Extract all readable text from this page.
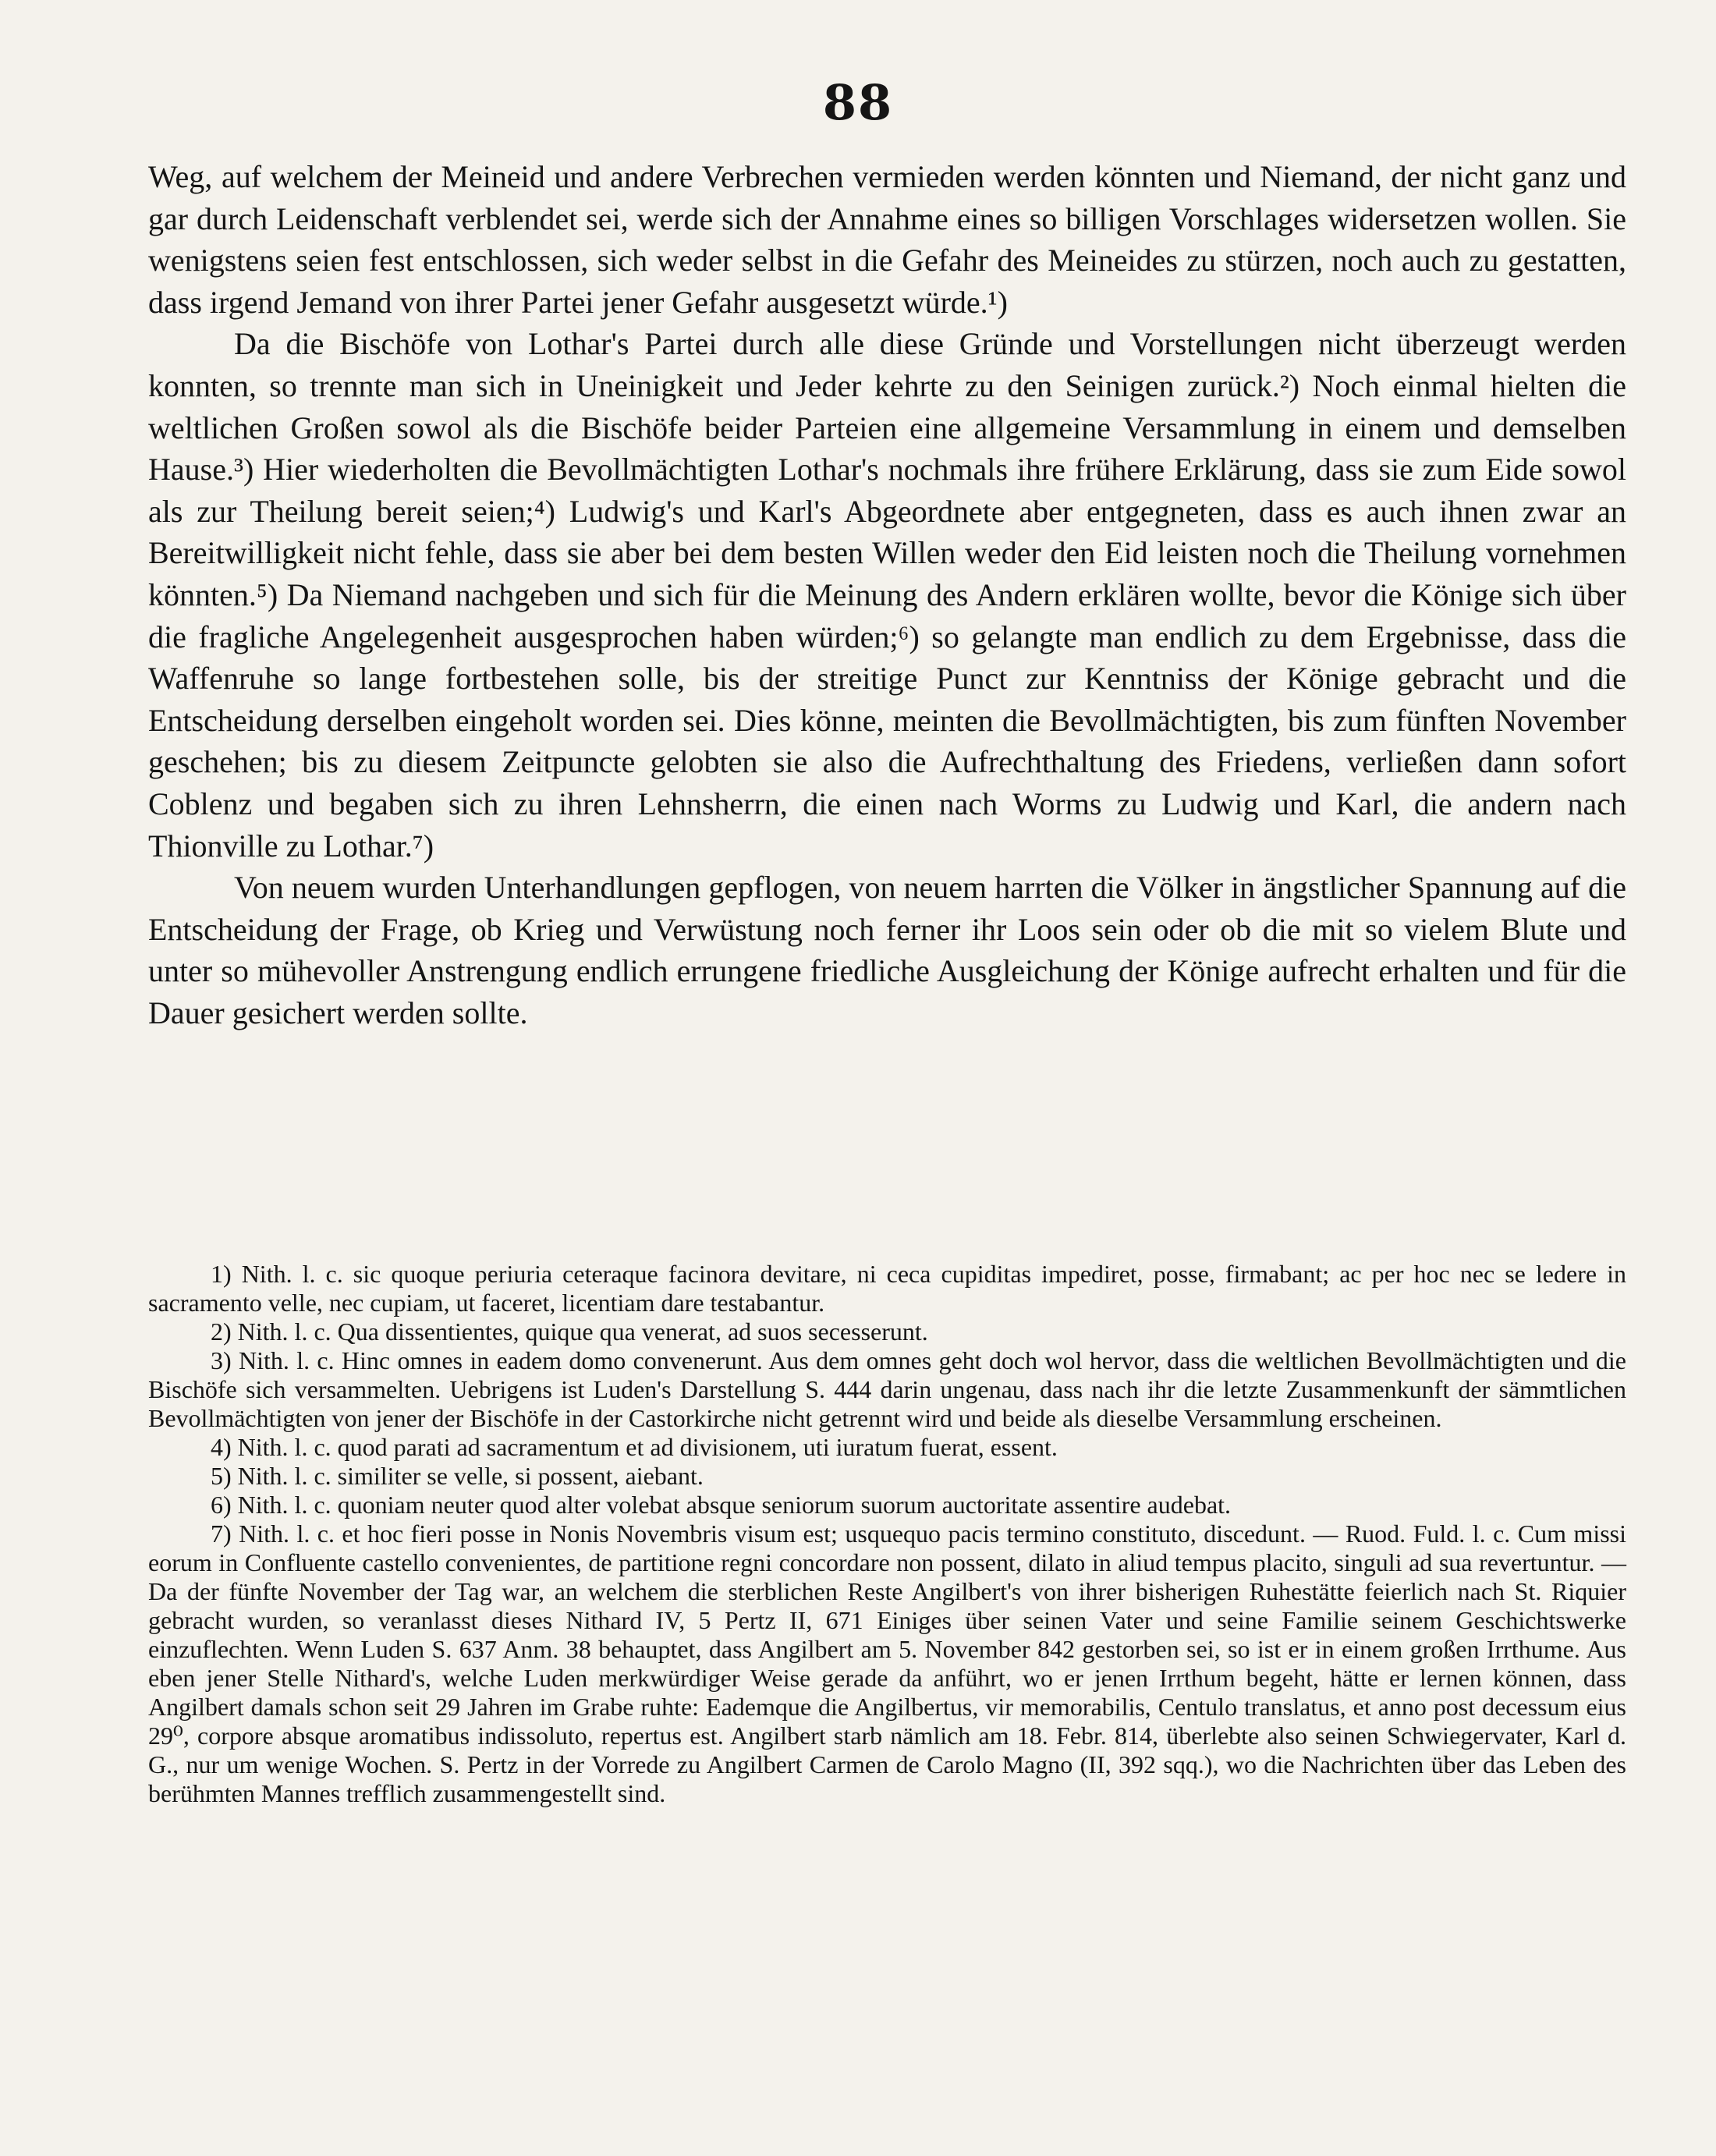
88

Weg, auf welchem der Meineid und andere Verbrechen vermieden werden könnten und Niemand, der nicht ganz und gar durch Leidenschaft verblendet sei, werde sich der Annahme eines so billigen Vorschlages widersetzen wollen. Sie wenigstens seien fest entschlossen, sich weder selbst in die Gefahr des Meineides zu stürzen, noch auch zu gestatten, dass irgend Jemand von ihrer Partei jener Gefahr ausgesetzt würde.¹)

Da die Bischöfe von Lothar's Partei durch alle diese Gründe und Vorstellungen nicht überzeugt werden konnten, so trennte man sich in Uneinigkeit und Jeder kehrte zu den Seinigen zurück.²) Noch einmal hielten die weltlichen Großen sowol als die Bischöfe beider Parteien eine allgemeine Versammlung in einem und demselben Hause.³) Hier wiederholten die Bevollmächtigten Lothar's nochmals ihre frühere Erklärung, dass sie zum Eide sowol als zur Theilung bereit seien;⁴) Ludwig's und Karl's Abgeordnete aber entgegneten, dass es auch ihnen zwar an Bereitwilligkeit nicht fehle, dass sie aber bei dem besten Willen weder den Eid leisten noch die Theilung vornehmen könnten.⁵) Da Niemand nachgeben und sich für die Meinung des Andern erklären wollte, bevor die Könige sich über die fragliche Angelegenheit ausgesprochen haben würden;⁶) so gelangte man endlich zu dem Ergebnisse, dass die Waffenruhe so lange fortbestehen solle, bis der streitige Punct zur Kenntniss der Könige gebracht und die Entscheidung derselben eingeholt worden sei. Dies könne, meinten die Bevollmächtigten, bis zum fünften November geschehen; bis zu diesem Zeitpuncte gelobten sie also die Aufrechthaltung des Friedens, verließen dann sofort Coblenz und begaben sich zu ihren Lehnsherrn, die einen nach Worms zu Ludwig und Karl, die andern nach Thionville zu Lothar.⁷)

Von neuem wurden Unterhandlungen gepflogen, von neuem harrten die Völker in ängstlicher Spannung auf die Entscheidung der Frage, ob Krieg und Verwüstung noch ferner ihr Loos sein oder ob die mit so vielem Blute und unter so mühevoller Anstrengung endlich errungene friedliche Ausgleichung der Könige aufrecht erhalten und für die Dauer gesichert werden sollte.

1) Nith. l. c. sic quoque periuria ceteraque facinora devitare, ni ceca cupiditas impediret, posse, firmabant; ac per hoc nec se ledere in sacramento velle, nec cupiam, ut faceret, licentiam dare testabantur.

2) Nith. l. c. Qua dissentientes, quique qua venerat, ad suos secesserunt.

3) Nith. l. c. Hinc omnes in eadem domo convenerunt. Aus dem omnes geht doch wol hervor, dass die weltlichen Bevollmächtigten und die Bischöfe sich versammelten. Uebrigens ist Luden's Darstellung S. 444 darin ungenau, dass nach ihr die letzte Zusammenkunft der sämmtlichen Bevollmächtigten von jener der Bischöfe in der Castorkirche nicht getrennt wird und beide als dieselbe Versammlung erscheinen.

4) Nith. l. c. quod parati ad sacramentum et ad divisionem, uti iuratum fuerat, essent.

5) Nith. l. c. similiter se velle, si possent, aiebant.

6) Nith. l. c. quoniam neuter quod alter volebat absque seniorum suorum auctoritate assentire audebat.

7) Nith. l. c. et hoc fieri posse in Nonis Novembris visum est; usquequo pacis termino constituto, discedunt. — Ruod. Fuld. l. c. Cum missi eorum in Confluente castello convenientes, de partitione regni concordare non possent, dilato in aliud tempus placito, singuli ad sua revertuntur. — Da der fünfte November der Tag war, an welchem die sterblichen Reste Angilbert's von ihrer bisherigen Ruhestätte feierlich nach St. Riquier gebracht wurden, so veranlasst dieses Nithard IV, 5 Pertz II, 671 Einiges über seinen Vater und seine Familie seinem Geschichtswerke einzuflechten. Wenn Luden S. 637 Anm. 38 behauptet, dass Angilbert am 5. November 842 gestorben sei, so ist er in einem großen Irrthume. Aus eben jener Stelle Nithard's, welche Luden merkwürdiger Weise gerade da anführt, wo er jenen Irrthum begeht, hätte er lernen können, dass Angilbert damals schon seit 29 Jahren im Grabe ruhte: Eademque die Angilbertus, vir memorabilis, Centulo translatus, et anno post decessum eius 29⁰, corpore absque aromatibus indissoluto, repertus est. Angilbert starb nämlich am 18. Febr. 814, überlebte also seinen Schwiegervater, Karl d. G., nur um wenige Wochen. S. Pertz in der Vorrede zu Angilbert Carmen de Carolo Magno (II, 392 sqq.), wo die Nachrichten über das Leben des berühmten Mannes trefflich zusammengestellt sind.
